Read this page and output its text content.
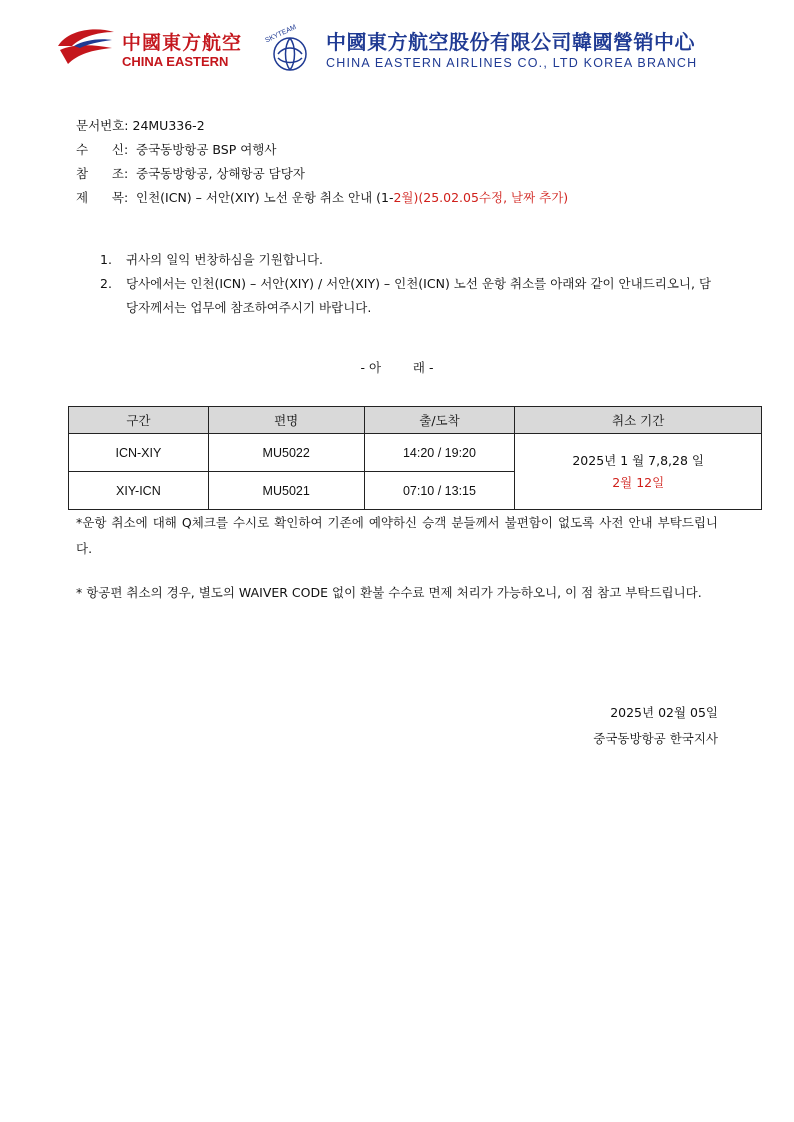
中國東方航空
CHINA EASTERN
SKYTEAM 中國東方航空股份有限公司韓國營销中心
CHINA EASTERN AIRLINES CO., LTD KOREA BRANCH
문서번호: 24MU336-2
수      신: 중국동방항공 BSP 여행사
참      조: 중국동방항공, 상해항공 담당자
제      목: 인천(ICN) – 서안(XIY) 노선 운항 취소 안내 (1- 2월)(25.02.05수정, 날짜 추가)
1.	귀사의 일익 번창하심을 기원합니다.
2.	당사에서는 인천(ICN) – 서안(XIY) / 서안(XIY) – 인천(ICN) 노선 운항 취소를 아래와 같이 안내드리오니, 담당자께서는 업무에 참조하여주시기 바랍니다.
- 아        래 -
구간	편명	출/도착	취소 기간
ICN-XIY	MU5022	14:20 / 19:20	2025년 1 월 7,8,28 일
2월 12일

XIY-ICN	MU5021	07:10 / 13:15	
*운항 취소에 대해 Q체크를 수시로 확인하여 기존에 예약하신 승객 분들께서 불편함이 없도록 사전 안내 부탁드립니다.
* 항공편 취소의 경우, 별도의 WAIVER CODE 없이 환불 수수료 면제 처리가 가능하오니, 이 점 참고 부탁드립니다.
2025년 02월 05일
중국동방항공 한국지사
